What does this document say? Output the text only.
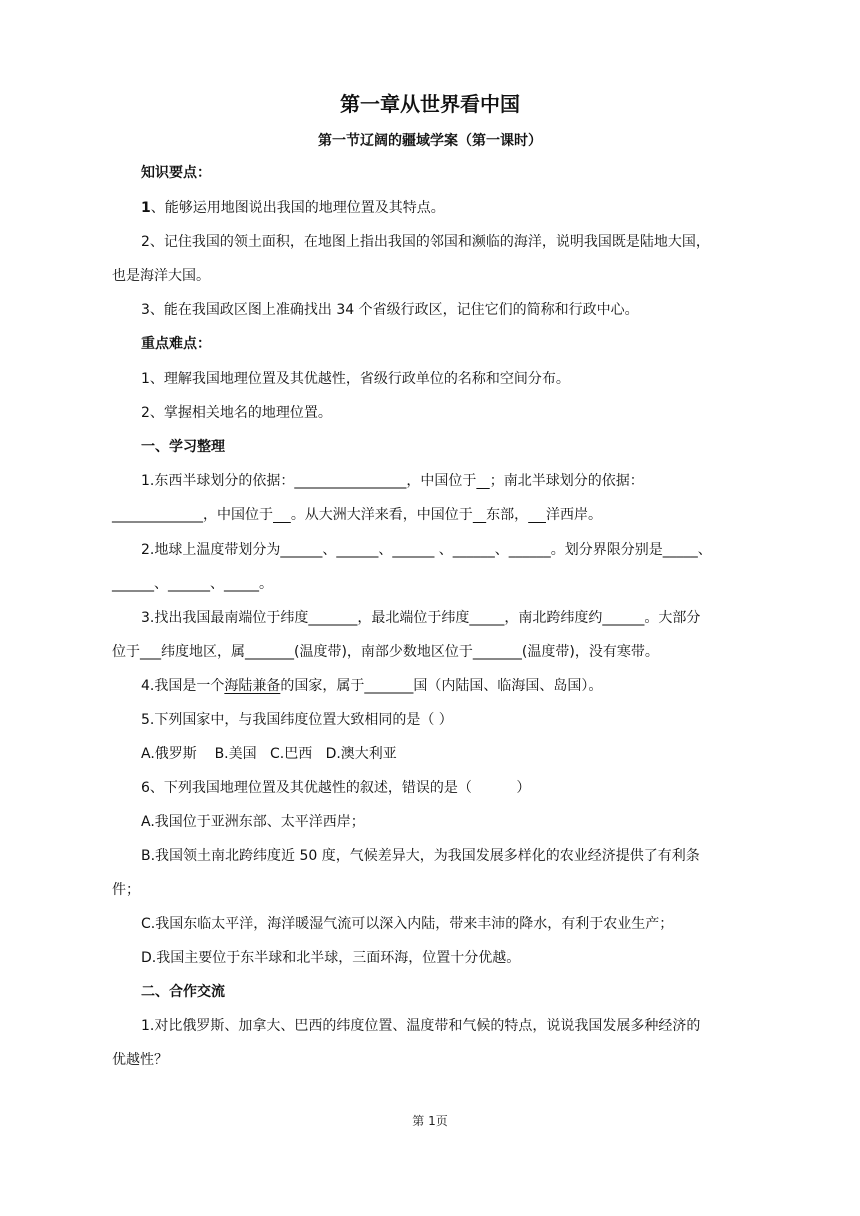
第一章从世界看中国
第一节辽阔的疆域学案（第一课时）
知识要点：
1、能够运用地图说出我国的地理位置及其特点。
2、记住我国的领土面积，在地图上指出我国的邻国和濒临的海洋，说明我国既是陆地大国，
也是海洋大国。
3、能在我国政区图上准确找出 34 个省级行政区，记住它们的简称和行政中心。
重点难点：
1、理解我国地理位置及其优越性，省级行政单位的名称和空间分布。
2、掌握相关地名的地理位置。
一、学习整理
1.东西半球划分的依据：________________，中国位于 ；南北半球划分的依据：
_____________，中国位于 。从大洲大洋来看，中国位于 东部， 洋西岸。
2.地球上温度带划分为______、______、______ 、______、______。划分界限分别是_____、
______、______、_____。
3.找出我国最南端位于纬度_______，最北端位于纬度_____，南北跨纬度约______。大部分
位于___纬度地区，属_______(温度带)，南部少数地区位于_______(温度带)，没有寒带。
4.我国是一个海陆兼备的国家，属于_______国（内陆国、临海国、岛国）。
5.下列国家中，与我国纬度位置大致相同的是（ ）
A.俄罗斯    B.美国   C.巴西   D.澳大利亚
6、下列我国地理位置及其优越性的叙述，错误的是（          ）
A.我国位于亚洲东部、太平洋西岸；
B.我国领土南北跨纬度近 50 度，气候差异大，为我国发展多样化的农业经济提供了有利条
件；
C.我国东临太平洋，海洋暖湿气流可以深入内陆，带来丰沛的降水，有利于农业生产；
D.我国主要位于东半球和北半球，三面环海，位置十分优越。
二、合作交流
1.对比俄罗斯、加拿大、巴西的纬度位置、温度带和气候的特点，说说我国发展多种经济的
优越性？
第 1页
